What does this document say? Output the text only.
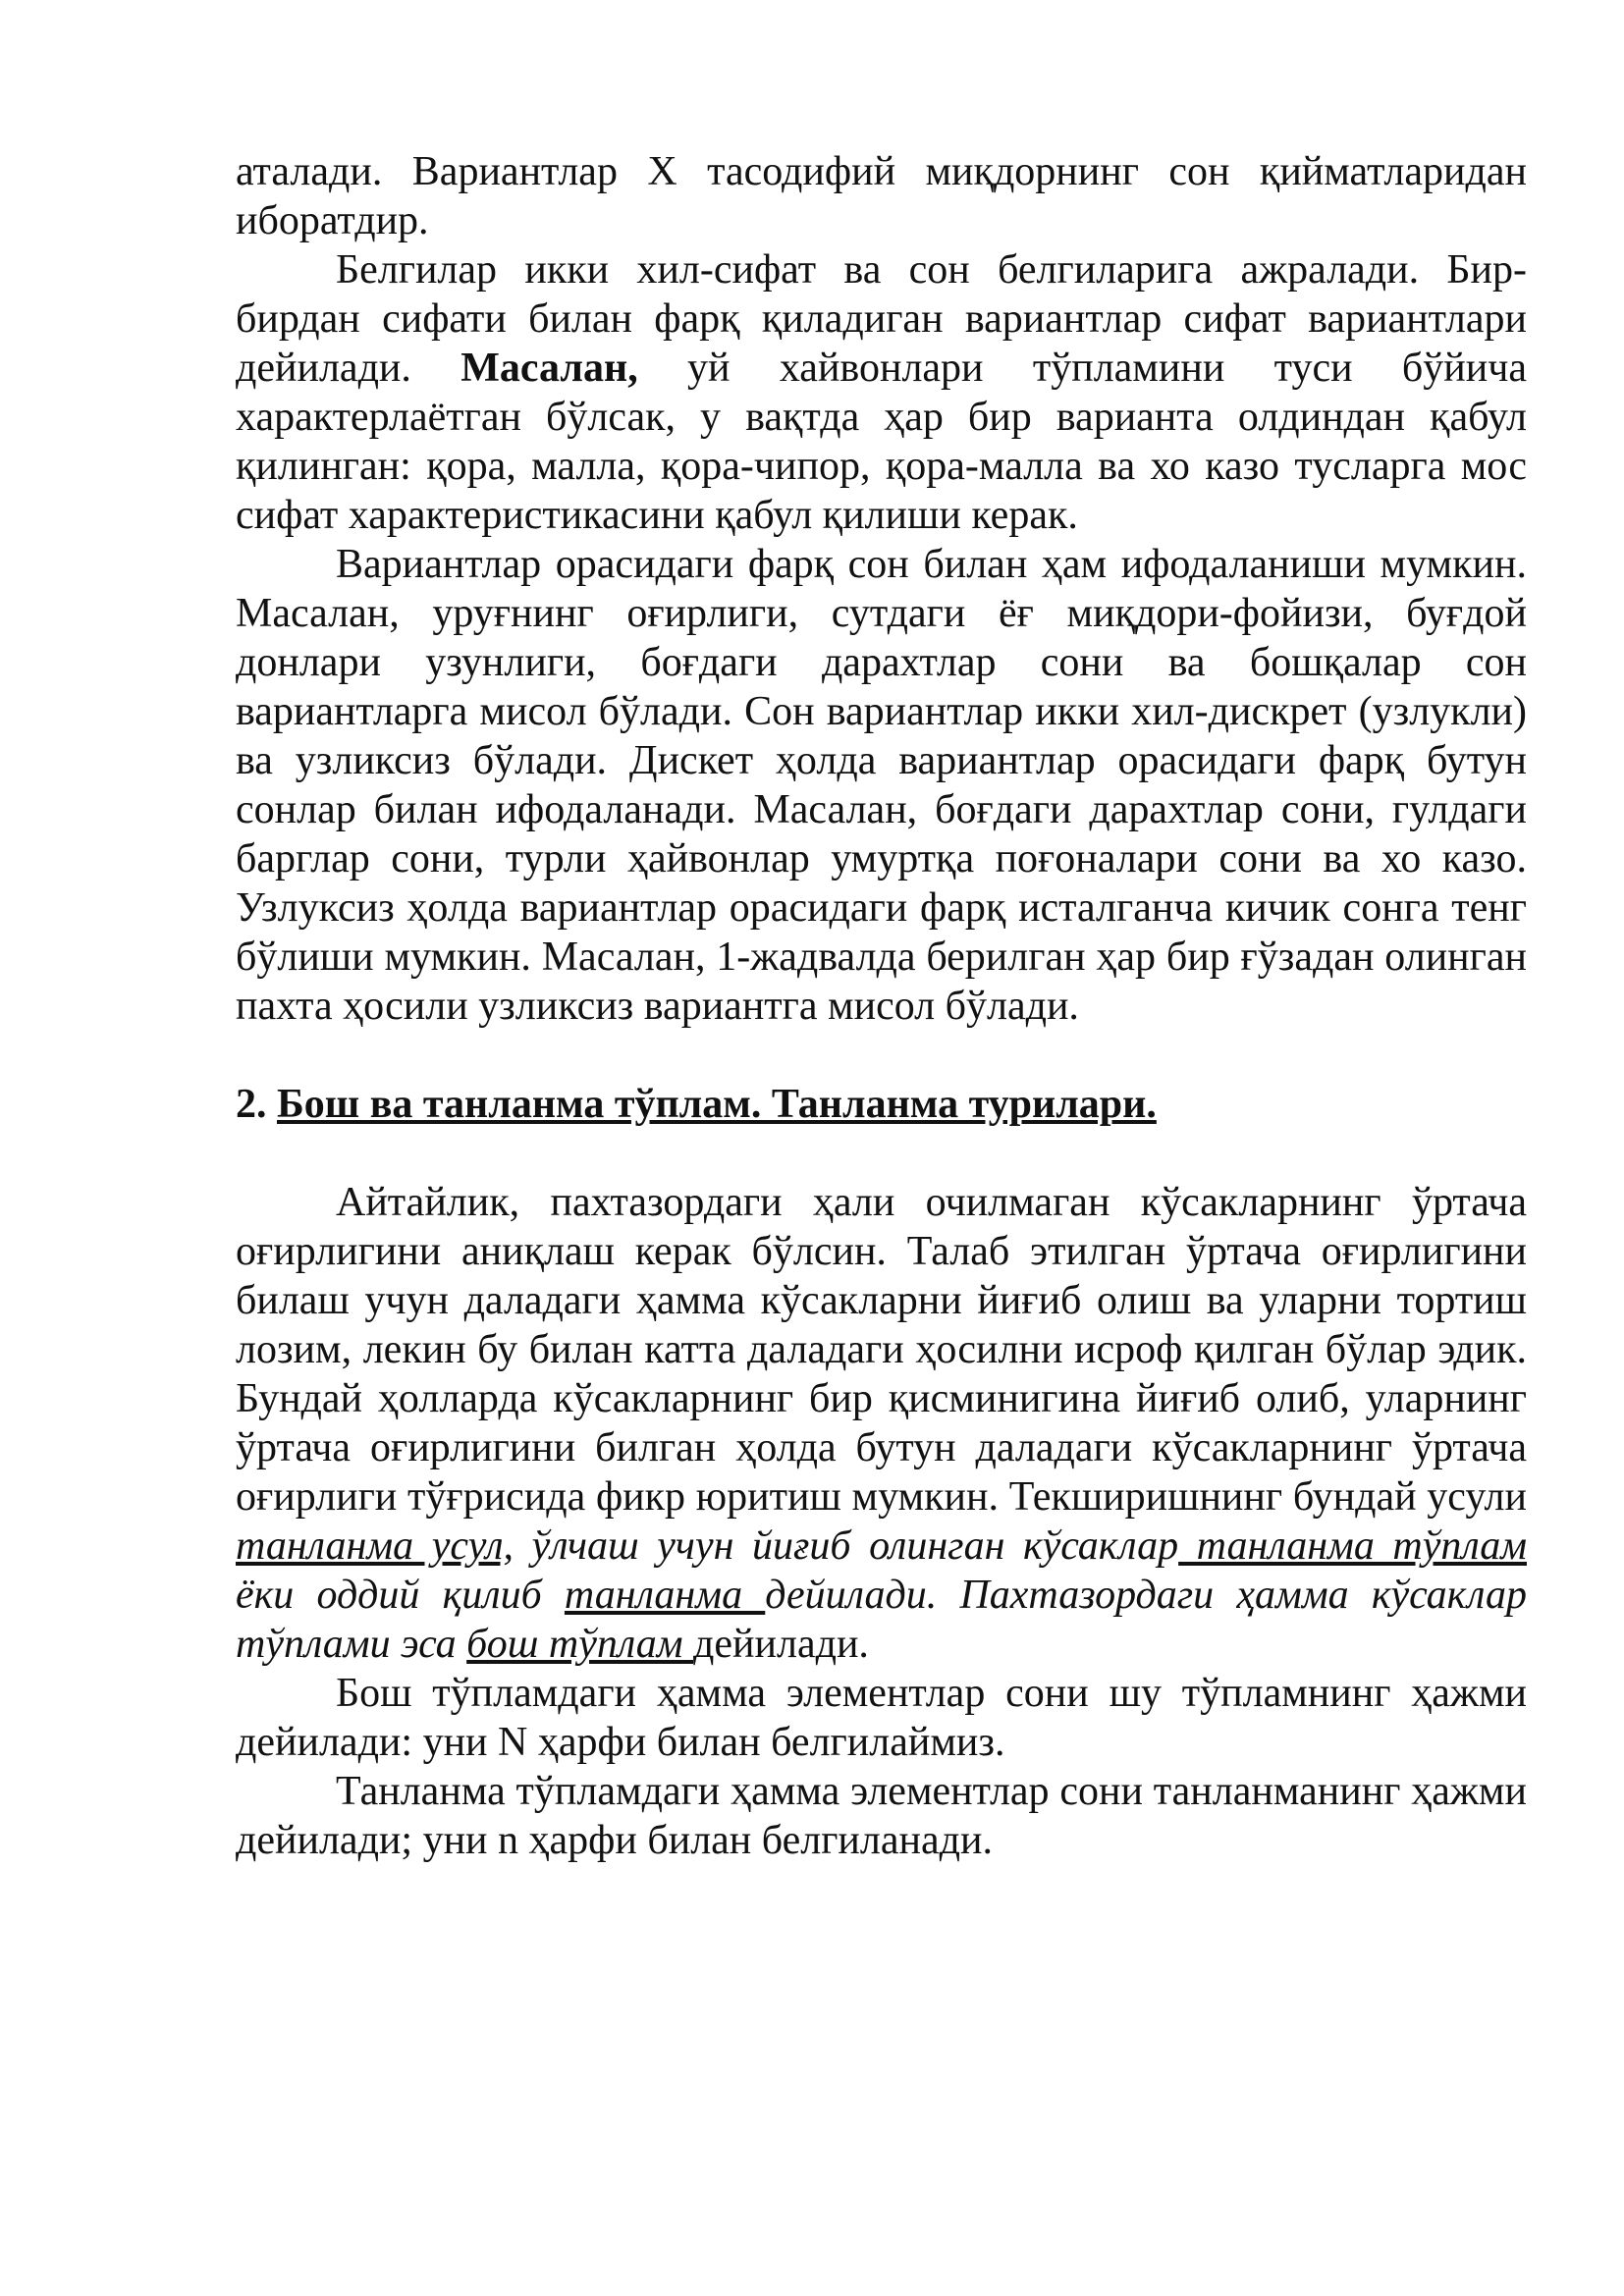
аталади. Вариантлар Х тасодифий миқдорнинг сон қийматларидан иборатдир.

Белгилар икки хил-сифат ва сон белгиларига ажралади. Бир-бирдан сифати билан фарқ қиладиган вариантлар сифат вариантлари дейилади. Масалан, уй хайвонлари тўпламини туси бўйича характерлаётган бўлсак, у вақтда ҳар бир варианта олдиндан қабул қилинган: қора, малла, қора-чипор, қора-малла ва хо казо тусларга мос сифат характеристикасини қабул қилиши керак.

Вариантлар орасидаги фарқ сон билан ҳам ифодаланиши мумкин. Масалан, уруғнинг оғирлиги, сутдаги ёғ миқдори-фойизи, буғдой донлари узунлиги, боғдаги дарахтлар сони ва бошқалар сон вариантларга мисол бўлади. Сон вариантлар икки хил-дискрет (узлукли) ва узликсиз бўлади. Дискет ҳолда вариантлар орасидаги фарқ бутун сонлар билан ифодаланади. Масалан, боғдаги дарахтлар сони, гулдаги барглар сони, турли ҳайвонлар умуртқа поғоналари сони ва хо казо. Узлуксиз ҳолда вариантлар орасидаги фарқ исталганча кичик сонга тенг бўлиши мумкин. Масалан, 1-жадвалда берилган ҳар бир ғўзадан олинган пахта ҳосили узликсиз вариантга мисол бўлади.

2. Бош ва танланма тўплам. Танланма турилари.

Айтайлик, пахтазордаги ҳали очилмаган кўсакларнинг ўртача оғирлигини аниқлаш керак бўлсин. Талаб этилган ўртача оғирлигини билаш учун даладаги ҳамма кўсакларни йиғиб олиш ва уларни тортиш лозим, лекин бу билан катта даладаги ҳосилни исроф қилган бўлар эдик. Бундай ҳолларда кўсакларнинг бир қисминигина йиғиб олиб, уларнинг ўртача оғирлигини билган ҳолда бутун даладаги кўсакларнинг ўртача оғирлиги тўғрисида фикр юритиш мумкин. Текширишнинг бундай усули танланма усул, ўлчаш учун йиғиб олинган кўсаклар танланма тўплам ёки оддий қилиб танланма дейилади. Пахтазордаги ҳамма кўсаклар тўплами эса бош тўплам дейилади.

Бош тўпламдаги ҳамма элементлар сони шу тўпламнинг ҳажми дейилади: уни N ҳарфи билан белгилаймиз.

Танланма тўпламдаги ҳамма элементлар сони танланманинг ҳажми дейилади; уни n ҳарфи билан белгиланади.
